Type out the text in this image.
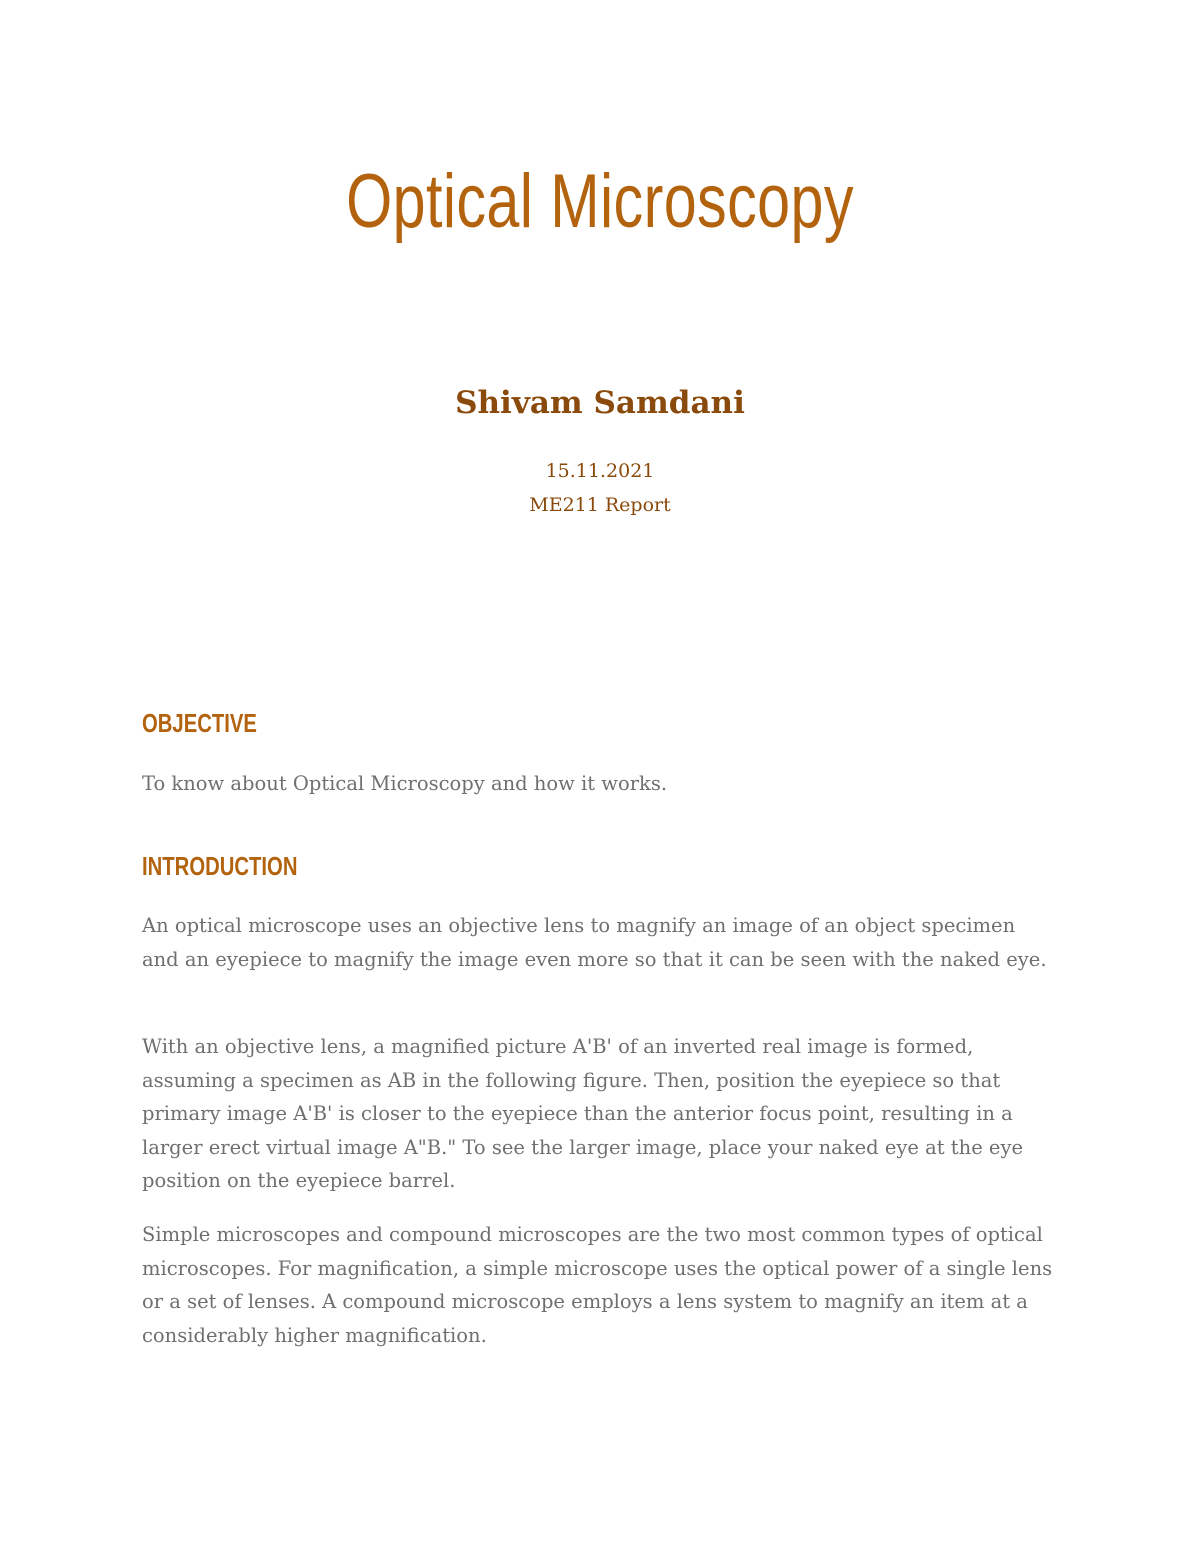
Optical Microscopy
Shivam Samdani
15.11.2021
ME211 Report
OBJECTIVE

To know about Optical Microscopy and how it works.

INTRODUCTION

An optical microscope uses an objective lens to magnify an image of an object specimen and an eyepiece to magnify the image even more so that it can be seen with the naked eye.

With an objective lens, a magnified picture A'B' of an inverted real image is formed, assuming a specimen as AB in the following figure. Then, position the eyepiece so that primary image A'B' is closer to the eyepiece than the anterior focus point, resulting in a larger erect virtual image A"B." To see the larger image, place your naked eye at the eye position on the eyepiece barrel.

Simple microscopes and compound microscopes are the two most common types of optical microscopes. For magnification, a simple microscope uses the optical power of a single lens or a set of lenses. A compound microscope employs a lens system to magnify an item at a considerably higher magnification.
